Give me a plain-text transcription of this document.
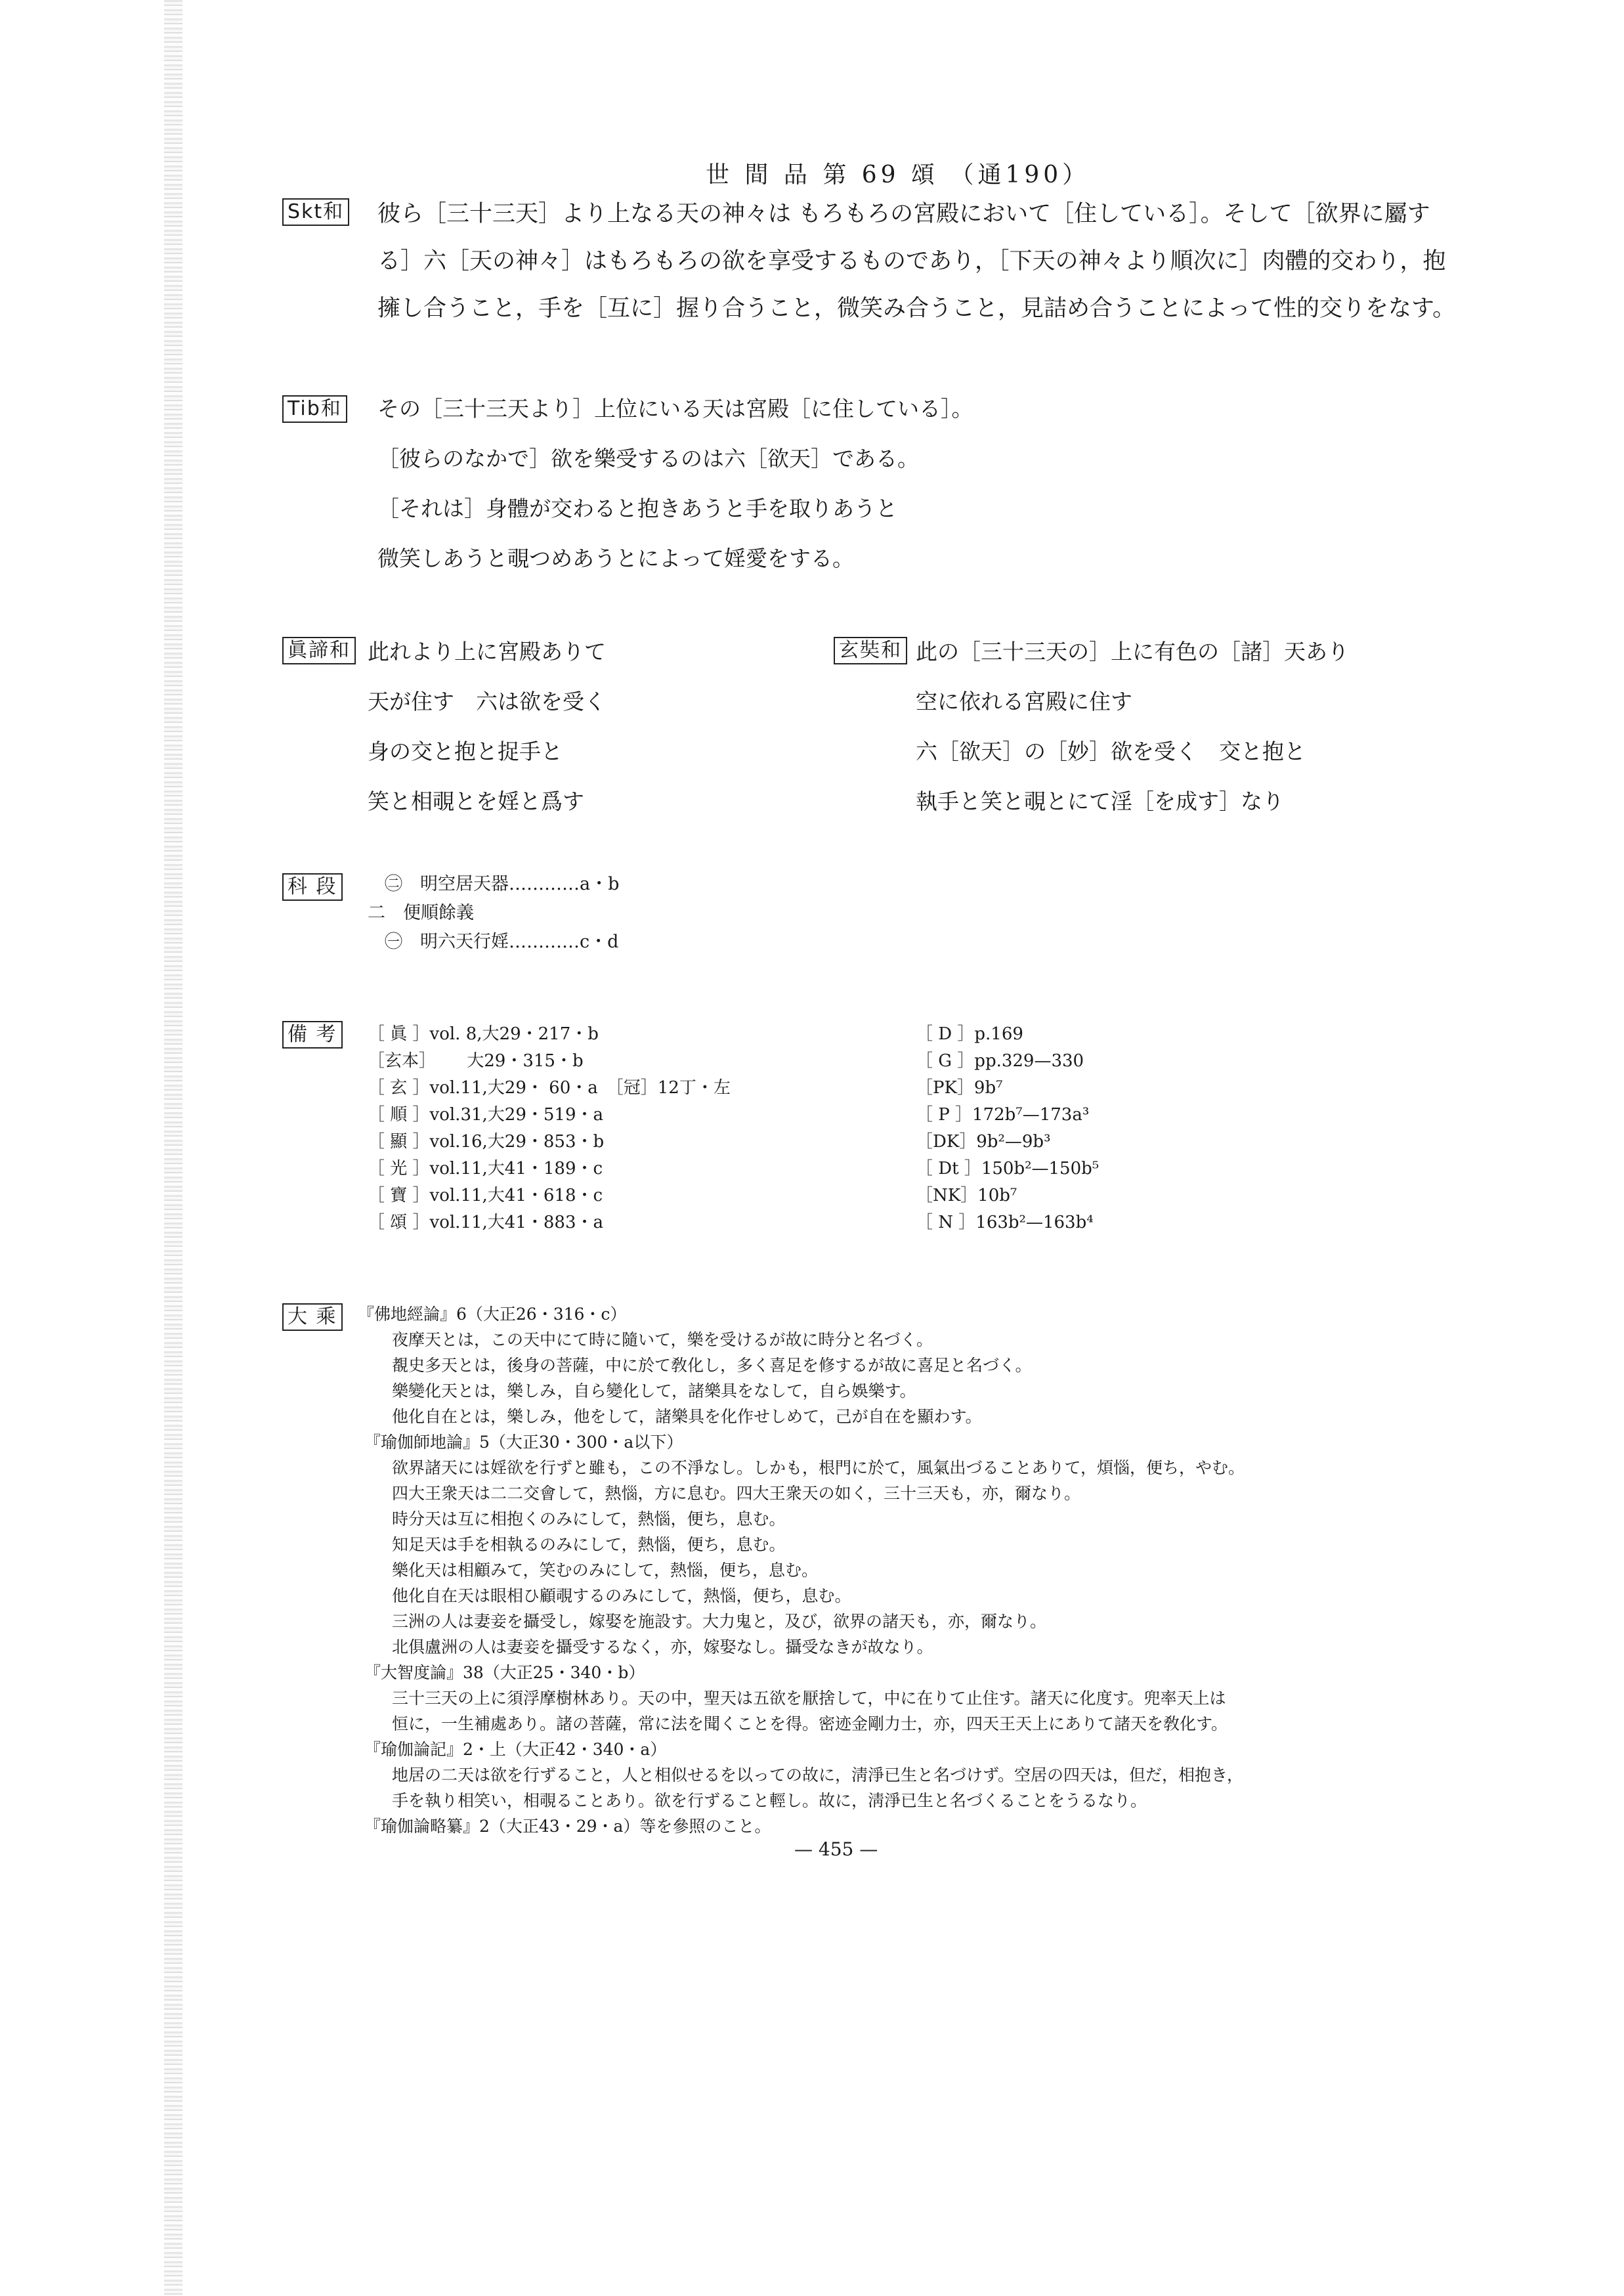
世 間 品 第 69 頌 （通190）
Skt和 彼ら［三十三天］より上なる天の神々は もろもろの宮殿において［住している］。そして［欲界に屬す
る］六［天の神々］はもろもろの欲を享受するものであり，［下天の神々より順次に］肉體的交わり，抱
擁し合うこと，手を［互に］握り合うこと，微笑み合うこと，見詰め合うことによって性的交りをなす。
Tib和 その［三十三天より］上位にいる天は宮殿［に住している］。
［彼らのなかで］欲を樂受するのは六［欲天］である。
［それは］身體が交わると抱きあうと手を取りあうと
微笑しあうと覗つめあうとによって婬愛をする。
眞諦和 此れより上に宮殿ありて
天が住す　六は欲を受く
身の交と抱と捉手と
笑と相覗とを婬と爲す
玄奘和 此の［三十三天の］上に有色の［諸］天あり
空に依れる宮殿に住す
六［欲天］の［妙］欲を受く　交と抱と
執手と笑と覗とにて淫［を成す］なり
科 段	㊁　明空居天器…………a・b
二　便順餘義
㊀　明六天行婬…………c・d
備 考	［ 眞 ］vol. 8,大29・217・b
［玄本］　　 大29・315・b
［ 玄 ］vol.11,大29・ 60・a　［冠］12丁・左
［ 順 ］vol.31,大29・519・a
［ 顯 ］vol.16,大29・853・b
［ 光 ］vol.11,大41・189・c
［ 寶 ］vol.11,大41・618・c
［ 頌 ］vol.11,大41・883・a
［ D ］p.169
［ G ］pp.329—330
［PK］9b⁷
［ P ］172b⁷—173a³
［DK］9b²—9b³
［ Dt ］150b²—150b⁵
［NK］10b⁷
［ N ］163b²—163b⁴
大 乘	『佛地經論』6（大正26・316・c）
夜摩天とは，この天中にて時に隨いて，樂を受けるが故に時分と名づく。
覩史多天とは，後身の菩薩，中に於て敎化し，多く喜足を修するが故に喜足と名づく。
樂變化天とは，樂しみ，自ら變化して，諸樂具をなして，自ら娛樂す。
他化自在とは，樂しみ，他をして，諸樂具を化作せしめて，己が自在を顯わす。
『瑜伽師地論』5（大正30・300・a以下）
欲界諸天には婬欲を行ずと雖も，この不淨なし。しかも，根門に於て，風氣出づることありて，煩惱，便ち，やむ。
四大王衆天は二二交會して，熱惱，方に息む。四大王衆天の如く，三十三天も，亦，爾なり。
時分天は互に相抱くのみにして，熱惱，便ち，息む。
知足天は手を相執るのみにして，熱惱，便ち，息む。
樂化天は相顧みて，笑むのみにして，熱惱，便ち，息む。
他化自在天は眼相ひ顧覗するのみにして，熱惱，便ち，息む。
三洲の人は妻妾を攝受し，嫁娶を施設す。大力鬼と，及び，欲界の諸天も，亦，爾なり。
北俱盧洲の人は妻妾を攝受するなく，亦，嫁娶なし。攝受なきが故なり。
『大智度論』38（大正25・340・b）
三十三天の上に須浮摩樹林あり。天の中，聖天は五欲を厭捨して，中に在りて止住す。諸天に化度す。兜率天上は
恒に，一生補處あり。諸の菩薩，常に法を聞くことを得。密迹金剛力士，亦，四天王天上にありて諸天を敎化す。
『瑜伽論記』2・上（大正42・340・a）
地居の二天は欲を行ずること，人と相似せるを以っての故に，淸淨已生と名づけず。空居の四天は，但だ，相抱き，
手を執り相笑い，相覗ることあり。欲を行ずること輕し。故に，淸淨已生と名づくることをうるなり。
『瑜伽論略纂』2（大正43・29・a）等を參照のこと。
— 455 —
